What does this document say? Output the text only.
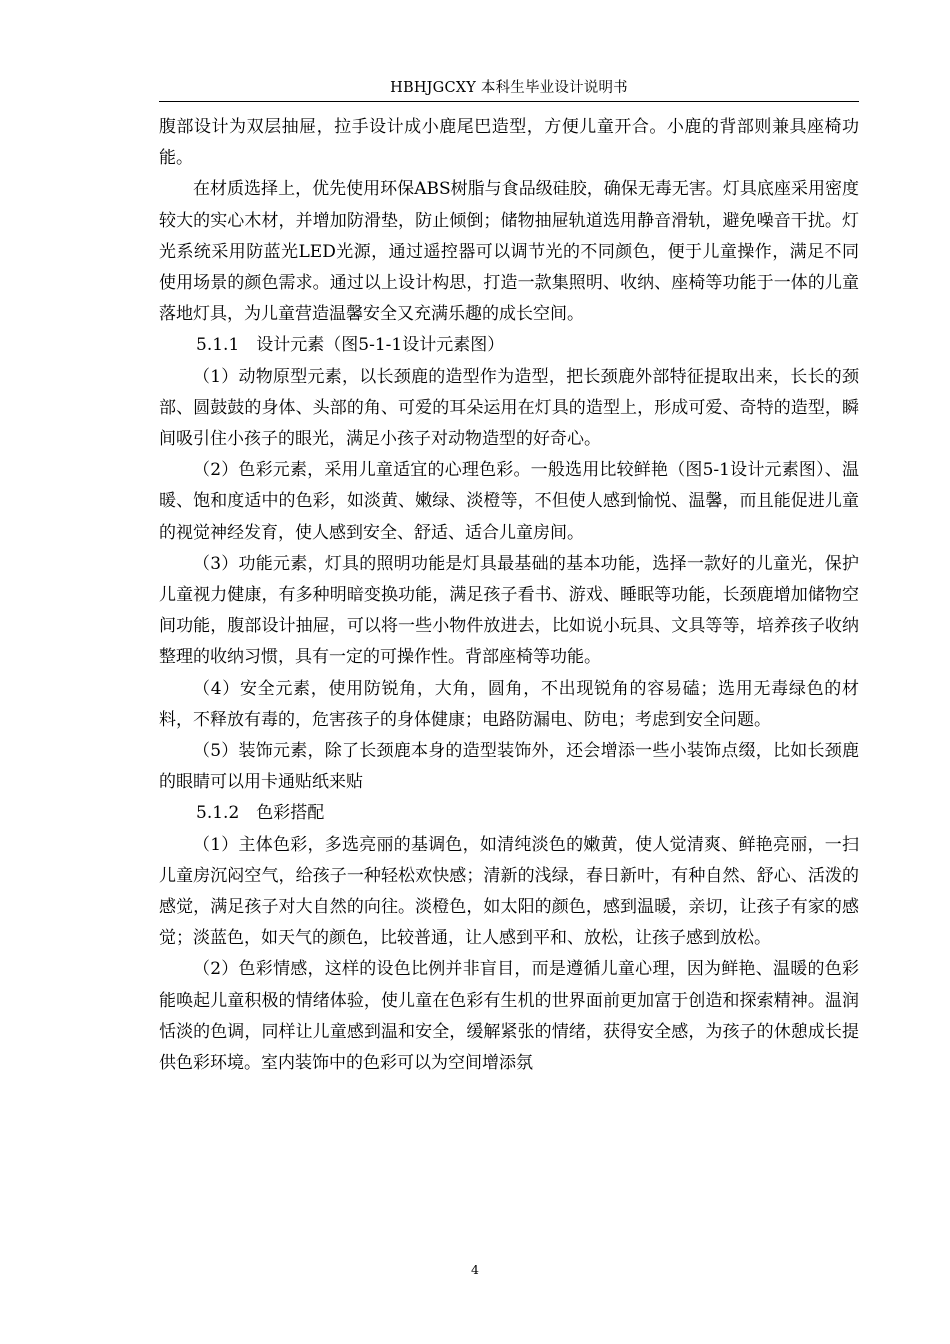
HBHJGCXY 本科生毕业设计说明书

腹部设计为双层抽屉，拉手设计成小鹿尾巴造型，方便儿童开合。小鹿的背部则兼具座椅功能。

在材质选择上，优先使用环保ABS树脂与食品级硅胶，确保无毒无害。灯具底座采用密度较大的实心木材，并增加防滑垫，防止倾倒；储物抽屉轨道选用静音滑轨，避免噪音干扰。灯光系统采用防蓝光LED光源，通过遥控器可以调节光的不同颜色，便于儿童操作，满足不同使用场景的颜色需求。通过以上设计构思，打造一款集照明、收纳、座椅等功能于一体的儿童落地灯具，为儿童营造温馨安全又充满乐趣的成长空间。

5.1.1　设计元素（图5-1-1设计元素图）

（1）动物原型元素，以长颈鹿的造型作为造型，把长颈鹿外部特征提取出来，长长的颈部、圆鼓鼓的身体、头部的角、可爱的耳朵运用在灯具的造型上，形成可爱、奇特的造型，瞬间吸引住小孩子的眼光，满足小孩子对动物造型的好奇心。

（2）色彩元素，采用儿童适宜的心理色彩。一般选用比较鲜艳（图5-1设计元素图）、温暖、饱和度适中的色彩，如淡黄、嫩绿、淡橙等，不但使人感到愉悦、温馨，而且能促进儿童的视觉神经发育，使人感到安全、舒适、适合儿童房间。

（3）功能元素，灯具的照明功能是灯具最基础的基本功能，选择一款好的儿童光，保护儿童视力健康，有多种明暗变换功能，满足孩子看书、游戏、睡眠等功能，长颈鹿增加储物空间功能，腹部设计抽屉，可以将一些小物件放进去，比如说小玩具、文具等等，培养孩子收纳整理的收纳习惯，具有一定的可操作性。背部座椅等功能。

（4）安全元素，使用防锐角，大角，圆角，不出现锐角的容易磕；选用无毒绿色的材料，不释放有毒的，危害孩子的身体健康；电路防漏电、防电；考虑到安全问题。

（5）装饰元素，除了长颈鹿本身的造型装饰外，还会增添一些小装饰点缀，比如长颈鹿的眼睛可以用卡通贴纸来贴

5.1.2　色彩搭配

（1）主体色彩，多选亮丽的基调色，如清纯淡色的嫩黄，使人觉清爽、鲜艳亮丽，一扫儿童房沉闷空气，给孩子一种轻松欢快感；清新的浅绿，春日新叶，有种自然、舒心、活泼的感觉，满足孩子对大自然的向往。淡橙色，如太阳的颜色，感到温暖，亲切，让孩子有家的感觉；淡蓝色，如天气的颜色，比较普通，让人感到平和、放松，让孩子感到放松。

（2）色彩情感，这样的设色比例并非盲目，而是遵循儿童心理，因为鲜艳、温暖的色彩能唤起儿童积极的情绪体验，使儿童在色彩有生机的世界面前更加富于创造和探索精神。温润恬淡的色调，同样让儿童感到温和安全，缓解紧张的情绪，获得安全感，为孩子的休憩成长提供色彩环境。室内装饰中的色彩可以为空间增添氛

4
